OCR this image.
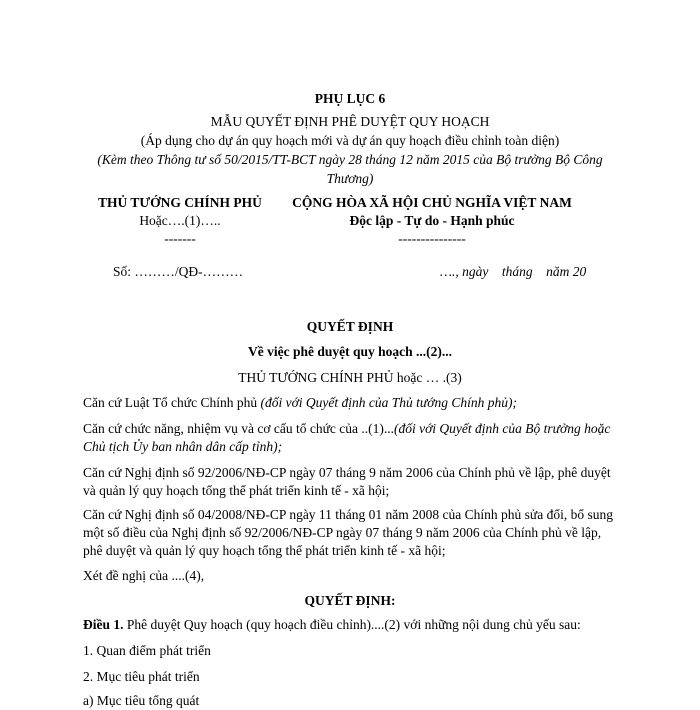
PHỤ LỤC 6
MẪU QUYẾT ĐỊNH PHÊ DUYỆT QUY HOẠCH
(Áp dụng cho dự án quy hoạch mới và dự án quy hoạch điều chỉnh toàn diện)
(Kèm theo Thông tư số 50/2015/TT-BCT ngày 28 tháng 12 năm 2015 của Bộ trưởng Bộ Công
Thương)
THỦ TƯỚNG CHÍNH PHỦ
Hoặc….(1)…..
-------
CỘNG HÒA XÃ HỘI CHỦ NGHĨA VIỆT NAM
Độc lập - Tự do - Hạnh phúc
---------------
Số: ………/QĐ-………	…., ngày    tháng    năm 20
QUYẾT ĐỊNH
Về việc phê duyệt quy hoạch ...(2)...
THỦ TƯỚNG CHÍNH PHỦ hoặc … .(3)
Căn cứ Luật Tổ chức Chính phủ (đối với Quyết định của Thủ tướng Chính phủ);
Căn cứ chức năng, nhiệm vụ và cơ cấu tổ chức của ..(1)...(đối với Quyết định của Bộ trưởng hoặc Chủ tịch Ủy ban nhân dân cấp tỉnh);
Căn cứ Nghị định số 92/2006/NĐ-CP ngày 07 tháng 9 năm 2006 của Chính phủ về lập, phê duyệt và quản lý quy hoạch tổng thể phát triển kinh tế - xã hội;
Căn cứ Nghị định số 04/2008/NĐ-CP ngày 11 tháng 01 năm 2008 của Chính phủ sửa đổi, bổ sung một số điều của Nghị định số 92/2006/NĐ-CP ngày 07 tháng 9 năm 2006 của Chính phủ về lập, phê duyệt và quản lý quy hoạch tổng thể phát triển kinh tế - xã hội;
Xét đề nghị của ....(4),
QUYẾT ĐỊNH:
Điều 1. Phê duyệt Quy hoạch (quy hoạch điều chỉnh)....(2) với những nội dung chủ yếu sau:
1. Quan điểm phát triển
2. Mục tiêu phát triển
a) Mục tiêu tổng quát
